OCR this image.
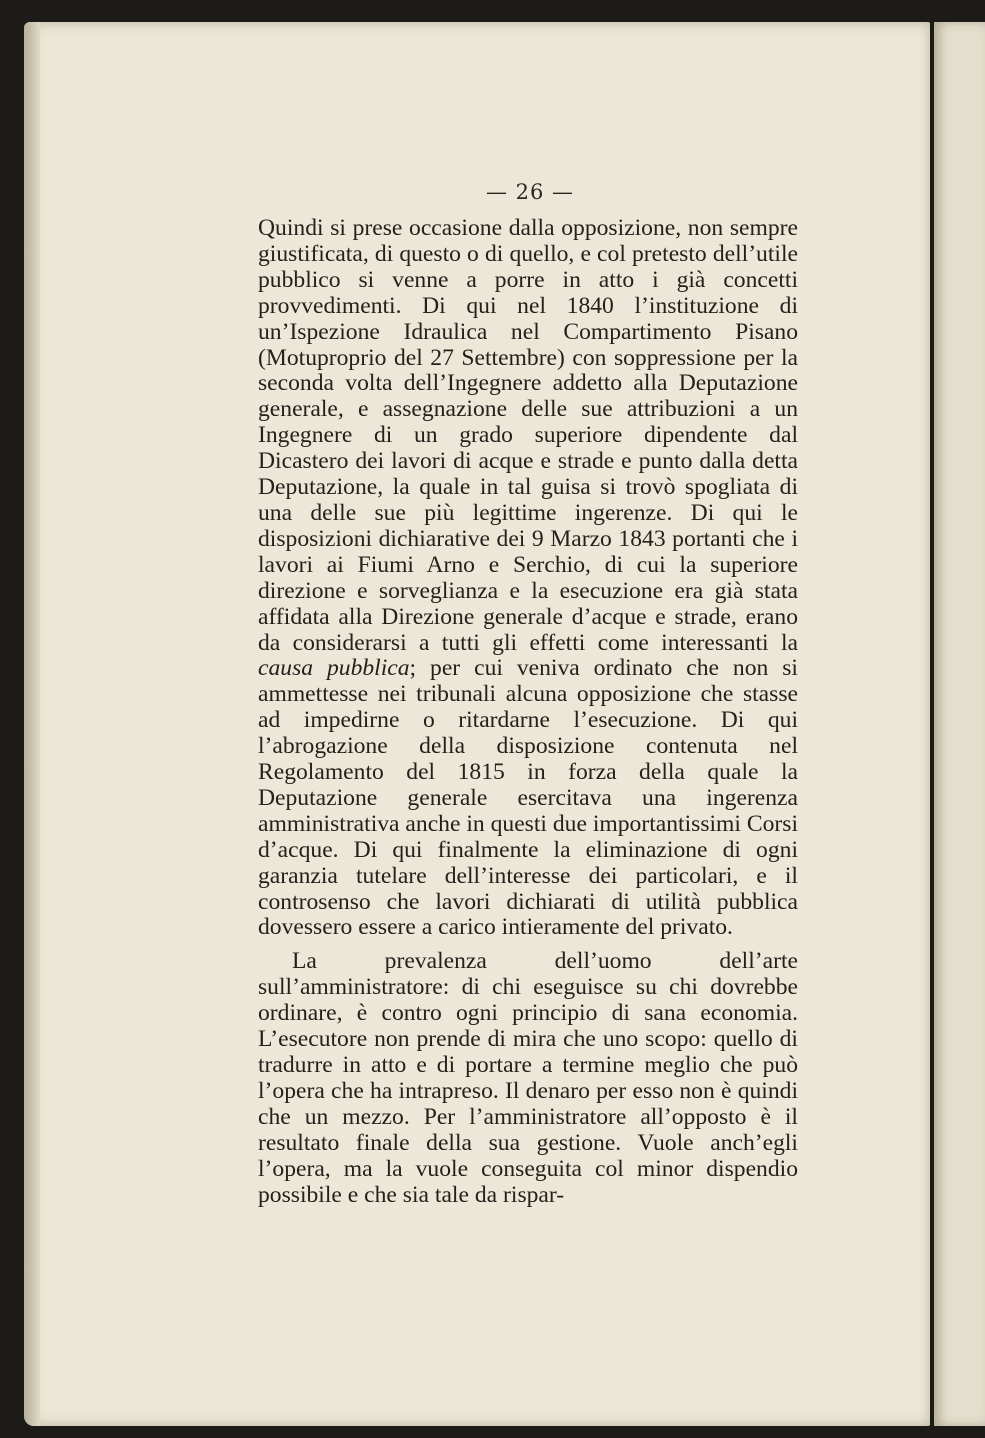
— 26 —

Quindi si prese occasione dalla opposizione, non sempre giustificata, di questo o di quello, e col pretesto dell’utile pubblico si venne a porre in atto i già concetti provvedimenti. Di qui nel 1840 l’instituzione di un’Ispezione Idraulica nel Compartimento Pisano (Motuproprio del 27 Settembre) con soppressione per la seconda volta dell’Ingegnere addetto alla Deputazione generale, e assegnazione delle sue attribuzioni a un Ingegnere di un grado superiore dipendente dal Dicastero dei lavori di acque e strade e punto dalla detta Deputazione, la quale in tal guisa si trovò spogliata di una delle sue più legittime ingerenze. Di qui le disposizioni dichiarative dei 9 Marzo 1843 portanti che i lavori ai Fiumi Arno e Serchio, di cui la superiore direzione e sorveglianza e la esecuzione era già stata affidata alla Direzione generale d’acque e strade, erano da considerarsi a tutti gli effetti come interessanti la causa pubblica; per cui veniva ordinato che non si ammettesse nei tribunali alcuna opposizione che stasse ad impedirne o ritardarne l’esecuzione. Di qui l’abrogazione della disposizione contenuta nel Regolamento del 1815 in forza della quale la Deputazione generale esercitava una ingerenza amministrativa anche in questi due importantissimi Corsi d’acque. Di qui finalmente la eliminazione di ogni garanzia tutelare dell’interesse dei particolari, e il controsenso che lavori dichiarati di utilità pubblica dovessero essere a carico intieramente del privato.

La prevalenza dell’uomo dell’arte sull’amministratore: di chi eseguisce su chi dovrebbe ordinare, è contro ogni principio di sana economia. L’esecutore non prende di mira che uno scopo: quello di tradurre in atto e di portare a termine meglio che può l’opera che ha intrapreso. Il denaro per esso non è quindi che un mezzo. Per l’amministratore all’opposto è il resultato finale della sua gestione. Vuole anch’egli l’opera, ma la vuole conseguita col minor dispendio possibile e che sia tale da rispar-
